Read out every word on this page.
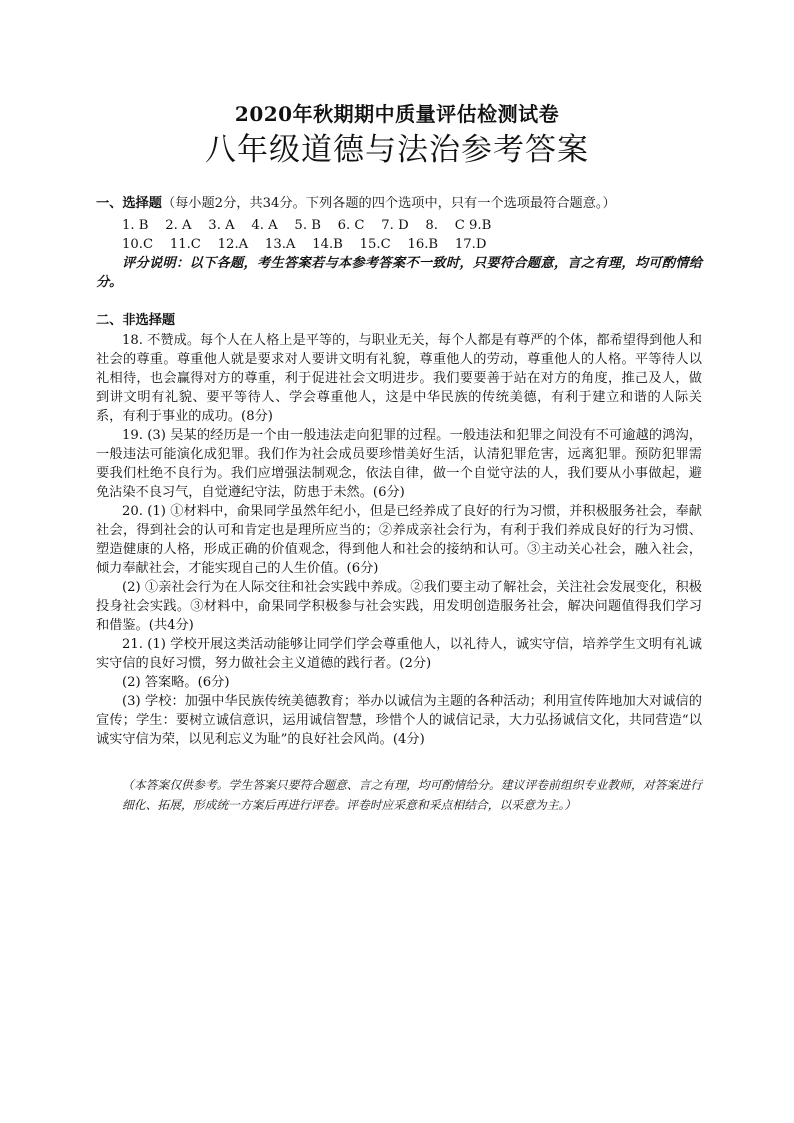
2020年秋期期中质量评估检测试卷
八年级道德与法治参考答案
一、选择题（每小题2分，共34分。下列各题的四个选项中，只有一个选项最符合题意。）
1. B    2. A    3. A    4. A    5. B    6. C    7. D    8.    C 9.B
10.C    11.C    12.A    13.A    14.B    15.C    16.B    17.D

评分说明：以下各题，考生答案若与本参考答案不一致时，只要符合题意，言之有理，均可酌情给分。

二、非选择题

18. 不赞成。每个人在人格上是平等的，与职业无关，每个人都是有尊严的个体，都希望得到他人和社会的尊重。尊重他人就是要求对人要讲文明有礼貌，尊重他人的劳动，尊重他人的人格。平等待人以礼相待，也会赢得对方的尊重，利于促进社会文明进步。我们要要善于站在对方的角度，推己及人，做到讲文明有礼貌、要平等待人、学会尊重他人，这是中华民族的传统美德，有利于建立和谐的人际关系，有利于事业的成功。(8分)

19. (3) 吴某的经历是一个由一般违法走向犯罪的过程。一般违法和犯罪之间没有不可逾越的鸿沟，一般违法可能演化成犯罪。我们作为社会成员要珍惜美好生活，认清犯罪危害，远离犯罪。预防犯罪需要我们杜绝不良行为。我们应增强法制观念，依法自律，做一个自觉守法的人，我们要从小事做起，避免沾染不良习气，自觉遵纪守法，防患于未然。(6分)

20. (1) ①材料中，俞果同学虽然年纪小，但是已经养成了良好的行为习惯，并积极服务社会，奉献社会，得到社会的认可和肯定也是理所应当的；②养成亲社会行为，有利于我们养成良好的行为习惯、塑造健康的人格，形成正确的价值观念，得到他人和社会的接纳和认可。③主动关心社会，融入社会，倾力奉献社会，才能实现自己的人生价值。(6分)

(2) ①亲社会行为在人际交往和社会实践中养成。②我们要主动了解社会，关注社会发展变化，积极投身社会实践。③材料中，俞果同学积极参与社会实践，用发明创造服务社会，解决问题值得我们学习和借鉴。(共4分)

21. (1) 学校开展这类活动能够让同学们学会尊重他人，以礼待人，诚实守信，培养学生文明有礼诚实守信的良好习惯，努力做社会主义道德的践行者。(2分)

(2) 答案略。(6分)

(3) 学校：加强中华民族传统美德教育；举办以诚信为主题的各种活动；利用宣传阵地加大对诚信的宣传；学生：要树立诚信意识，运用诚信智慧，珍惜个人的诚信记录，大力弘扬诚信文化，共同营造“以诚实守信为荣，以见利忘义为耻”的良好社会风尚。(4分)

（本答案仅供参考。学生答案只要符合题意、言之有理，均可酌情给分。建议评卷前组织专业教师，对答案进行细化、拓展，形成统一方案后再进行评卷。评卷时应采意和采点相结合，以采意为主。）
